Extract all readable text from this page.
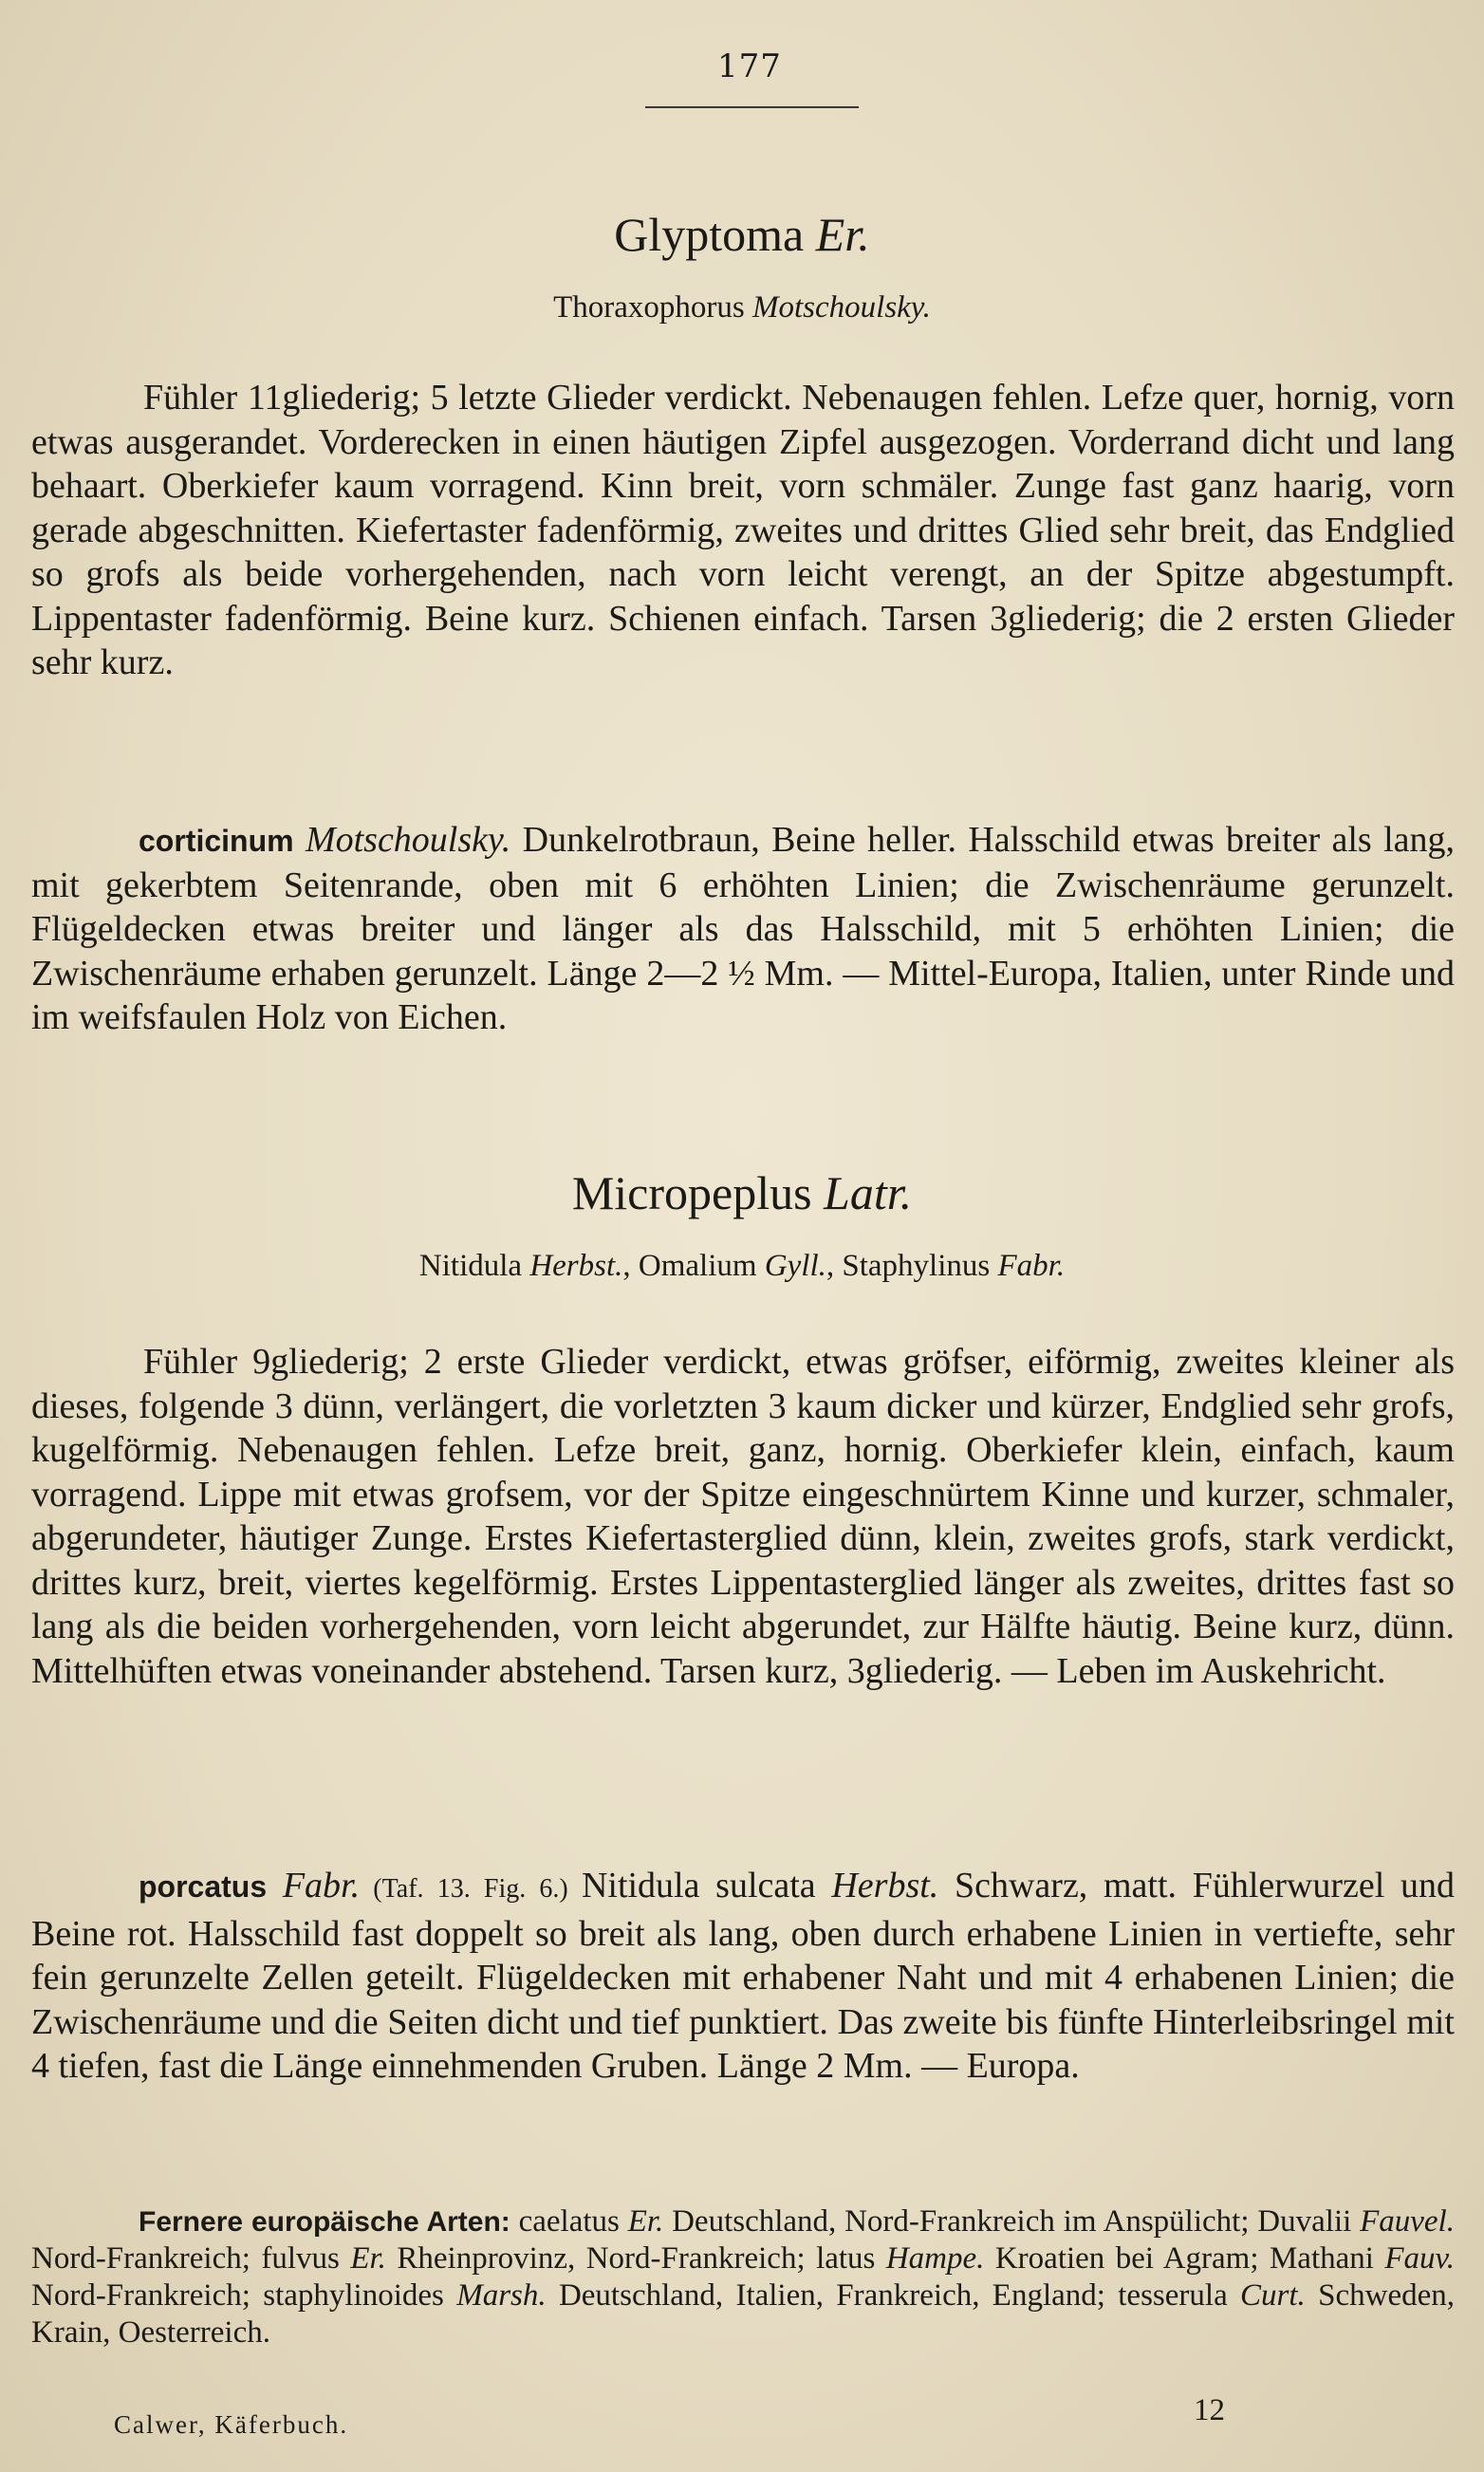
177
Glyptoma Er.
Thoraxophorus Motschoulsky.
Fühler 11gliederig; 5 letzte Glieder verdickt. Nebenaugen fehlen. Lefze quer, hornig, vorn etwas ausgerandet. Vorderecken in einen häutigen Zipfel ausgezogen. Vorderrand dicht und lang behaart. Oberkiefer kaum vorragend. Kinn breit, vorn schmäler. Zunge fast ganz haarig, vorn gerade abgeschnitten. Kiefertaster fadenförmig, zweites und drittes Glied sehr breit, das Endglied so grofs als beide vorhergehenden, nach vorn leicht verengt, an der Spitze abgestumpft. Lippentaster fadenförmig. Beine kurz. Schienen einfach. Tarsen 3gliederig; die 2 ersten Glieder sehr kurz.
corticinum Motschoulsky. Dunkelrotbraun, Beine heller. Halsschild etwas breiter als lang, mit gekerbtem Seitenrande, oben mit 6 erhöhten Linien; die Zwischenräume gerunzelt. Flügeldecken etwas breiter und länger als das Halsschild, mit 5 erhöhten Linien; die Zwischenräume erhaben gerunzelt. Länge 2—2 ½ Mm. — Mittel-Europa, Italien, unter Rinde und im weifsfaulen Holz von Eichen.
Micropeplus Latr.
Nitidula Herbst., Omalium Gyll., Staphylinus Fabr.
Fühler 9gliederig; 2 erste Glieder verdickt, etwas gröfser, eiförmig, zweites kleiner als dieses, folgende 3 dünn, verlängert, die vorletzten 3 kaum dicker und kürzer, Endglied sehr grofs, kugelförmig. Nebenaugen fehlen. Lefze breit, ganz, hornig. Oberkiefer klein, einfach, kaum vorragend. Lippe mit etwas grofsem, vor der Spitze eingeschnürtem Kinne und kurzer, schmaler, abgerundeter, häutiger Zunge. Erstes Kiefertasterglied dünn, klein, zweites grofs, stark verdickt, drittes kurz, breit, viertes kegelförmig. Erstes Lippentasterglied länger als zweites, drittes fast so lang als die beiden vorhergehenden, vorn leicht abgerundet, zur Hälfte häutig. Beine kurz, dünn. Mittelhüften etwas voneinander abstehend. Tarsen kurz, 3gliederig. — Leben im Auskehricht.
porcatus Fabr. (Taf. 13. Fig. 6.) Nitidula sulcata Herbst. Schwarz, matt. Fühlerwurzel und Beine rot. Halsschild fast doppelt so breit als lang, oben durch erhabene Linien in vertiefte, sehr fein gerunzelte Zellen geteilt. Flügeldecken mit erhabener Naht und mit 4 erhabenen Linien; die Zwischenräume und die Seiten dicht und tief punktiert. Das zweite bis fünfte Hinterleibsringel mit 4 tiefen, fast die Länge einnehmenden Gruben. Länge 2 Mm. — Europa.
Fernere europäische Arten: caelatus Er. Deutschland, Nord-Frankreich im Anspülicht; Duvalii Fauvel. Nord-Frankreich; fulvus Er. Rheinprovinz, Nord-Frankreich; latus Hampe. Kroatien bei Agram; Mathani Fauv. Nord-Frankreich; staphylinoides Marsh. Deutschland, Italien, Frankreich, England; tesserula Curt. Schweden, Krain, Oesterreich.
Calwer, Käferbuch.	12
